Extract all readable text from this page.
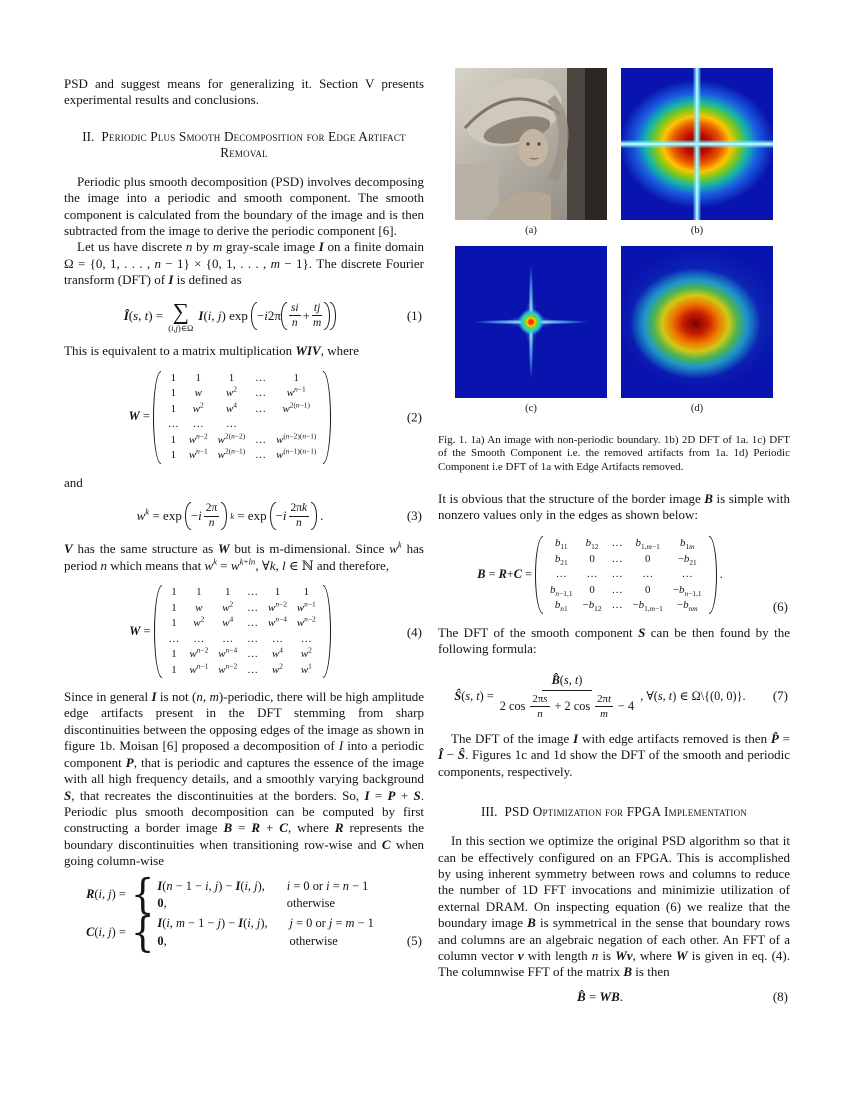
PSD and suggest means for generalizing it. Section V presents experimental results and conclusions.

II. Periodic Plus Smooth Decomposition for Edge Artifact Removal

Periodic plus smooth decomposition (PSD) involves decomposing the image into a periodic and smooth component. The smooth component is calculated from the boundary of the image and is then subtracted from the image to derive the periodic component [6].

Let us have discrete n by m gray-scale image I on a finite domain Ω = {0, 1, . . . , n − 1} × {0, 1, . . . , m − 1}. The discrete Fourier transform (DFT) of I is defined as

Î(s, t) = ∑
(i,j)∈Ω
I(i, j) $\exp -i2\pi \frac{si}{n} + \frac{tj}{m}$	(1)

This is equivalent to a matrix multiplication WIV, where

W =
1	1	1	…	1
1	w	$w^2$	…	$w^{n-1}$
1	$w^2$	$w^4$	…	$w^{2(n-1)}$
…	…	…		
1	$w^{n-2}$	$w^{2(n-2)}$	…	$w^{(n-2)(n-1)}$
1	$w^{n-1}$	$w^{2(n-1)}$	…	$w^{(n-1)(n-1)}$
(2)

and

$w^k = \exp -i \frac{2\pi}{n}$ $k = \exp -i \frac{2\pi k}{n}$ .	(3)

V has the same structure as W but is m-dimensional. Since $w^k$ has period n which means that $w^k = w^{k+ln}$, ∀k, l ∈ ℕ and therefore,

W =
1	1	1	…	1	1
1	w	$w^2$	…	$w^{n-2}$	$w^{n-1}$
1	$w^2$	$w^4$	…	$w^{n-4}$	$w^{n-2}$
…	…	…	…	…	…
1	$w^{n-2}$	$w^{n-4}$	…	$w^4$	$w^2$
1	$w^{n-1}$	$w^{n-2}$	…	$w^2$	$w^1$
(4)

Since in general I is not (n, m)-periodic, there will be high amplitude edge artifacts present in the DFT stemming from sharp discontinuities between the opposing edges of the image as shown in figure 1b. Moisan [6] proposed a decomposition of I into a periodic component P, that is periodic and captures the essence of the image with all high frequency details, and a smoothly varying background S, that recreates the discontinuities at the borders. So, I = P + S. Periodic plus smooth decomposition can be computed by first constructing a border image B = R + C, where R represents the boundary discontinuities when transitioning row-wise and C when going column-wise

R(i, j) = { I(n − 1 − i, j) − I(i, j), i = 0 or i = n − 1
0,	otherwise
C(i, j) = { I(i, m − 1 − j) − I(i, j), j = 0 or j = m − 1
0,	otherwise	(5)
(a)	(b)
(c)	(d)
Fig. 1. 1a) An image with non-periodic boundary. 1b) 2D DFT of 1a. 1c) DFT of the Smooth Component i.e. the removed artifacts from 1a. 1d) Periodic Component i.e DFT of 1a with Edge Artifacts removed.

It is obvious that the structure of the border image B is simple with nonzero values only in the edges as shown below:

B = R+C =
$b_{11}$	$b_{12}$	…	$b_{1,m-1}$	$b_{1m}$
$b_{21}$	0	…	0	$-b_{21}$
…	…	…	…	…
$b_{n-1,1}$	0	…	0	$-b_{n-1,1}$
$b_{n1}$	$-b_{12}$	…	$-b_{1,m-1}$	$-b_{nm}$
.
(6)

The DFT of the smooth component S can be then found by the following formula:

Ŝ(s, t) =
B̂(s, t)
2 $\cos \frac{2\pi s}{n} + 2$ $\cos \frac{2\pi t}{m} - 4$
, ∀(s, t) ∈ Ω\{(0, 0)}. (7)

The DFT of the image I with edge artifacts removed is then P̂ = Î − Ŝ. Figures 1c and 1d show the DFT of the smooth and periodic components, respectively.

III. PSD Optimization for FPGA Implementation

In this section we optimize the original PSD algorithm so that it can be effectively configured on an FPGA. This is accomplished by using inherent symmetry between rows and columns to reduce the number of 1D FFT invocations and minimizie utilization of external DRAM. On inspecting equation (6) we realize that the boundary image B is symmetrical in the sense that boundary rows and columns are an algebraic negation of each other. An FFT of a column vector v with length n is Wv, where W is given in eq. (4). The columnwise FFT of the matrix B is then

B̂ = WB.	(8)
